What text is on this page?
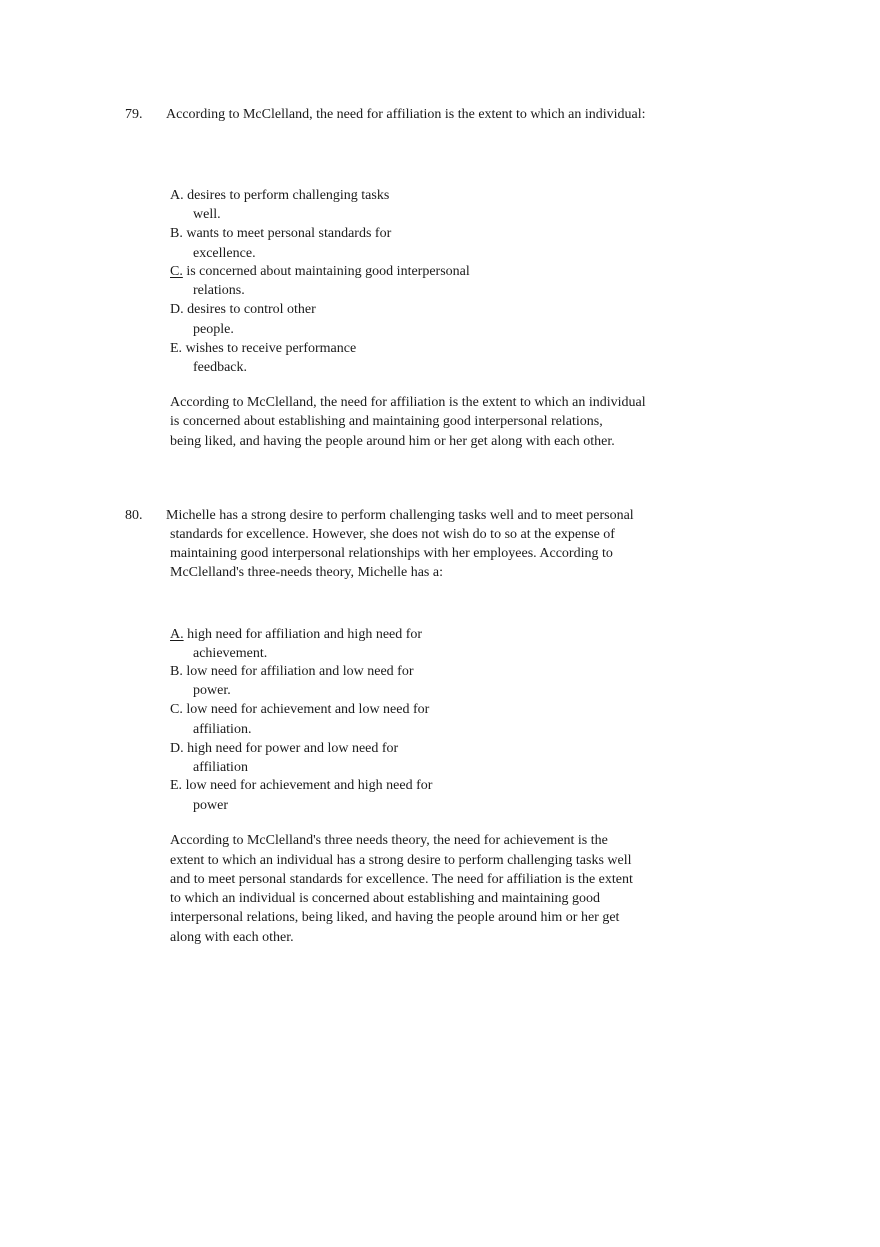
79. According to McClelland, the need for affiliation is the extent to which an individual:
A. desires to perform challenging tasks
well.
B. wants to meet personal standards for
excellence.
C. is concerned about maintaining good interpersonal
relations.
D. desires to control other
people.
E. wishes to receive performance
feedback.
According to McClelland, the need for affiliation is the extent to which an individual
is concerned about establishing and maintaining good interpersonal relations,
being liked, and having the people around him or her get along with each other.
80. Michelle has a strong desire to perform challenging tasks well and to meet personal
standards for excellence. However, she does not wish do to so at the expense of
maintaining good interpersonal relationships with her employees. According to
McClelland's three-needs theory, Michelle has a:
A. high need for affiliation and high need for
achievement.
B. low need for affiliation and low need for
power.
C. low need for achievement and low need for
affiliation.
D. high need for power and low need for
affiliation
E. low need for achievement and high need for
power
According to McClelland's three needs theory, the need for achievement is the
extent to which an individual has a strong desire to perform challenging tasks well
and to meet personal standards for excellence. The need for affiliation is the extent
to which an individual is concerned about establishing and maintaining good
interpersonal relations, being liked, and having the people around him or her get
along with each other.
